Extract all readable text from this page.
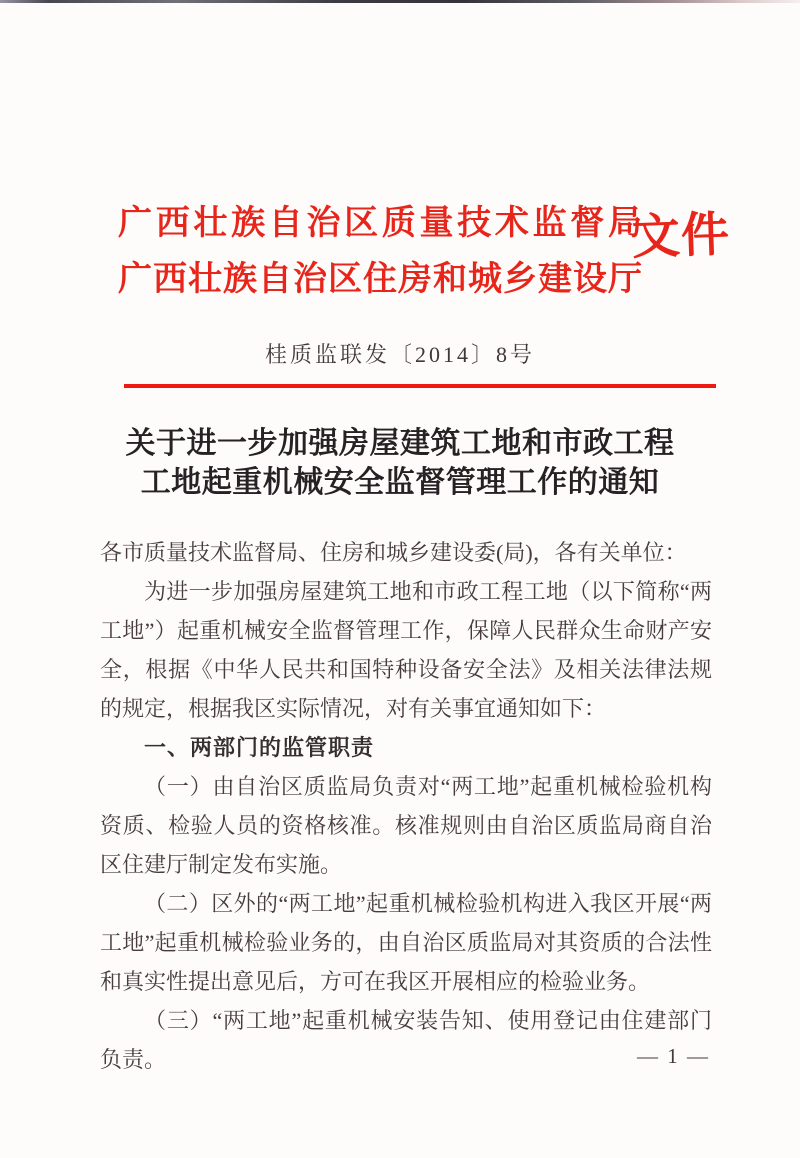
广西壮族自治区质量技术监督局
广西壮族自治区住房和城乡建设厅
文件
桂质监联发〔2014〕8号
关于进一步加强房屋建筑工地和市政工程
工地起重机械安全监督管理工作的通知

各市质量技术监督局、住房和城乡建设委(局)，各有关单位：

为进一步加强房屋建筑工地和市政工程工地（以下简称“两工地”）起重机械安全监督管理工作，保障人民群众生命财产安全，根据《中华人民共和国特种设备安全法》及相关法律法规的规定，根据我区实际情况，对有关事宜通知如下：

一、两部门的监管职责

（一）由自治区质监局负责对“两工地”起重机械检验机构资质、检验人员的资格核准。核准规则由自治区质监局商自治区住建厅制定发布实施。

（二）区外的“两工地”起重机械检验机构进入我区开展“两工地”起重机械检验业务的，由自治区质监局对其资质的合法性和真实性提出意见后，方可在我区开展相应的检验业务。

（三）“两工地”起重机械安装告知、使用登记由住建部门负责。	— 1 —
